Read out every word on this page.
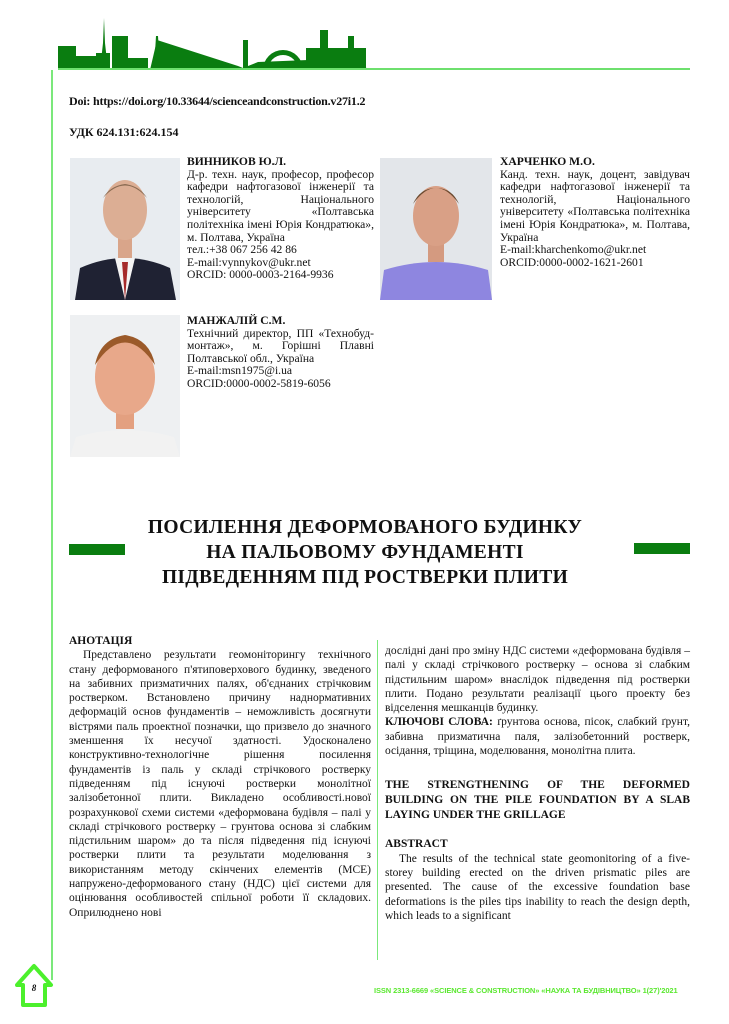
Doi: https://doi.org/10.33644/scienceandconstruction.v27i1.2
УДК 624.131:624.154
ВИННИКОВ Ю.Л.
Д-р. техн. наук, професор, професор кафедри нафтогазової інженерії та технологій, Національного університету «Полтавська політехніка імені Юрія Кондратюка», м. Полтава, Україна
тел.:+38 067 256 42 86
E-mail:vynnykov@ukr.net
ORCID: 0000-0003-2164-9936
ХАРЧЕНКО М.О.
Канд. техн. наук, доцент, завідувач кафедри нафтогазової інженерії та технологій, Національного університету «Полтавська політехніка імені Юрія Кондратюка», м. Полтава, Україна
E-mail:kharchenkomo@ukr.net
ORCID:0000-0002-1621-2601
МАНЖАЛІЙ С.М.
Технічний директор, ПП «Технобуд-монтаж», м. Горішні Плавні Полтавської обл., Україна
E-mail:msn1975@i.ua
ORCID:0000-0002-5819-6056
ПОСИЛЕННЯ ДЕФОРМОВАНОГО БУДИНКУ
НА ПАЛЬОВОМУ ФУНДАМЕНТІ
ПІДВЕДЕННЯМ ПІД РОСТВЕРКИ ПЛИТИ
АНОТАЦІЯ
Представлено результати геомоніторингу технічного стану деформованого п'ятиповерхового будинку, зведеного на забивних призматичних палях, об'єднаних стрічковим ростверком. Встановлено причину наднормативних деформацій основ фундаментів – неможливість досягнути вістрями паль проектної позначки, що призвело до значного зменшення їх несучої здатності. Удосконалено конструктивно-технологічне рішення посилення фундаментів із паль у складі стрічкового ростверку підведенням під існуючі ростверки монолітної залізобетонної плити. Викладено особливості.нової розрахункової схеми системи «деформована будівля – палі у складі стрічкового ростверку – грунтова основа зі слабким підстильним шаром» до та після підведення під існуючі ростверки плити та результати моделювання з використанням методу скінчених елементів (МСЕ) напружено-деформованого стану (НДС) цієї системи для оцінювання особливостей спільної роботи її складових. Оприлюднено нові
дослідні дані про зміну НДС системи «деформована будівля – палі у складі стрічкового ростверку – основа зі слабким підстильним шаром» внаслідок підведення під ростверки плити. Подано результати реалізації цього проекту без відселення мешканців будинку.
КЛЮЧОВІ СЛОВА: ґрунтова основа, пісок, слабкий ґрунт, забивна призматична паля, залізобетонний ростверк, осідання, тріщина, моделювання, монолітна плита.
THE STRENGTHENING OF THE DEFORMED BUILDING ON THE PILE FOUNDATION BY A SLAB LAYING UNDER THE GRILLAGE
ABSTRACT
The results of the technical state geomonitoring of a five-storey building erected on the driven prismatic piles are presented. The cause of the excessive foundation base deformations is the piles tips inability to reach the design depth, which leads to a significant
8	ISSN 2313-6669 «SCIENCE & CONSTRUCTION» «НАУКА ТА БУДІВНИЦТВО» 1(27)'2021
